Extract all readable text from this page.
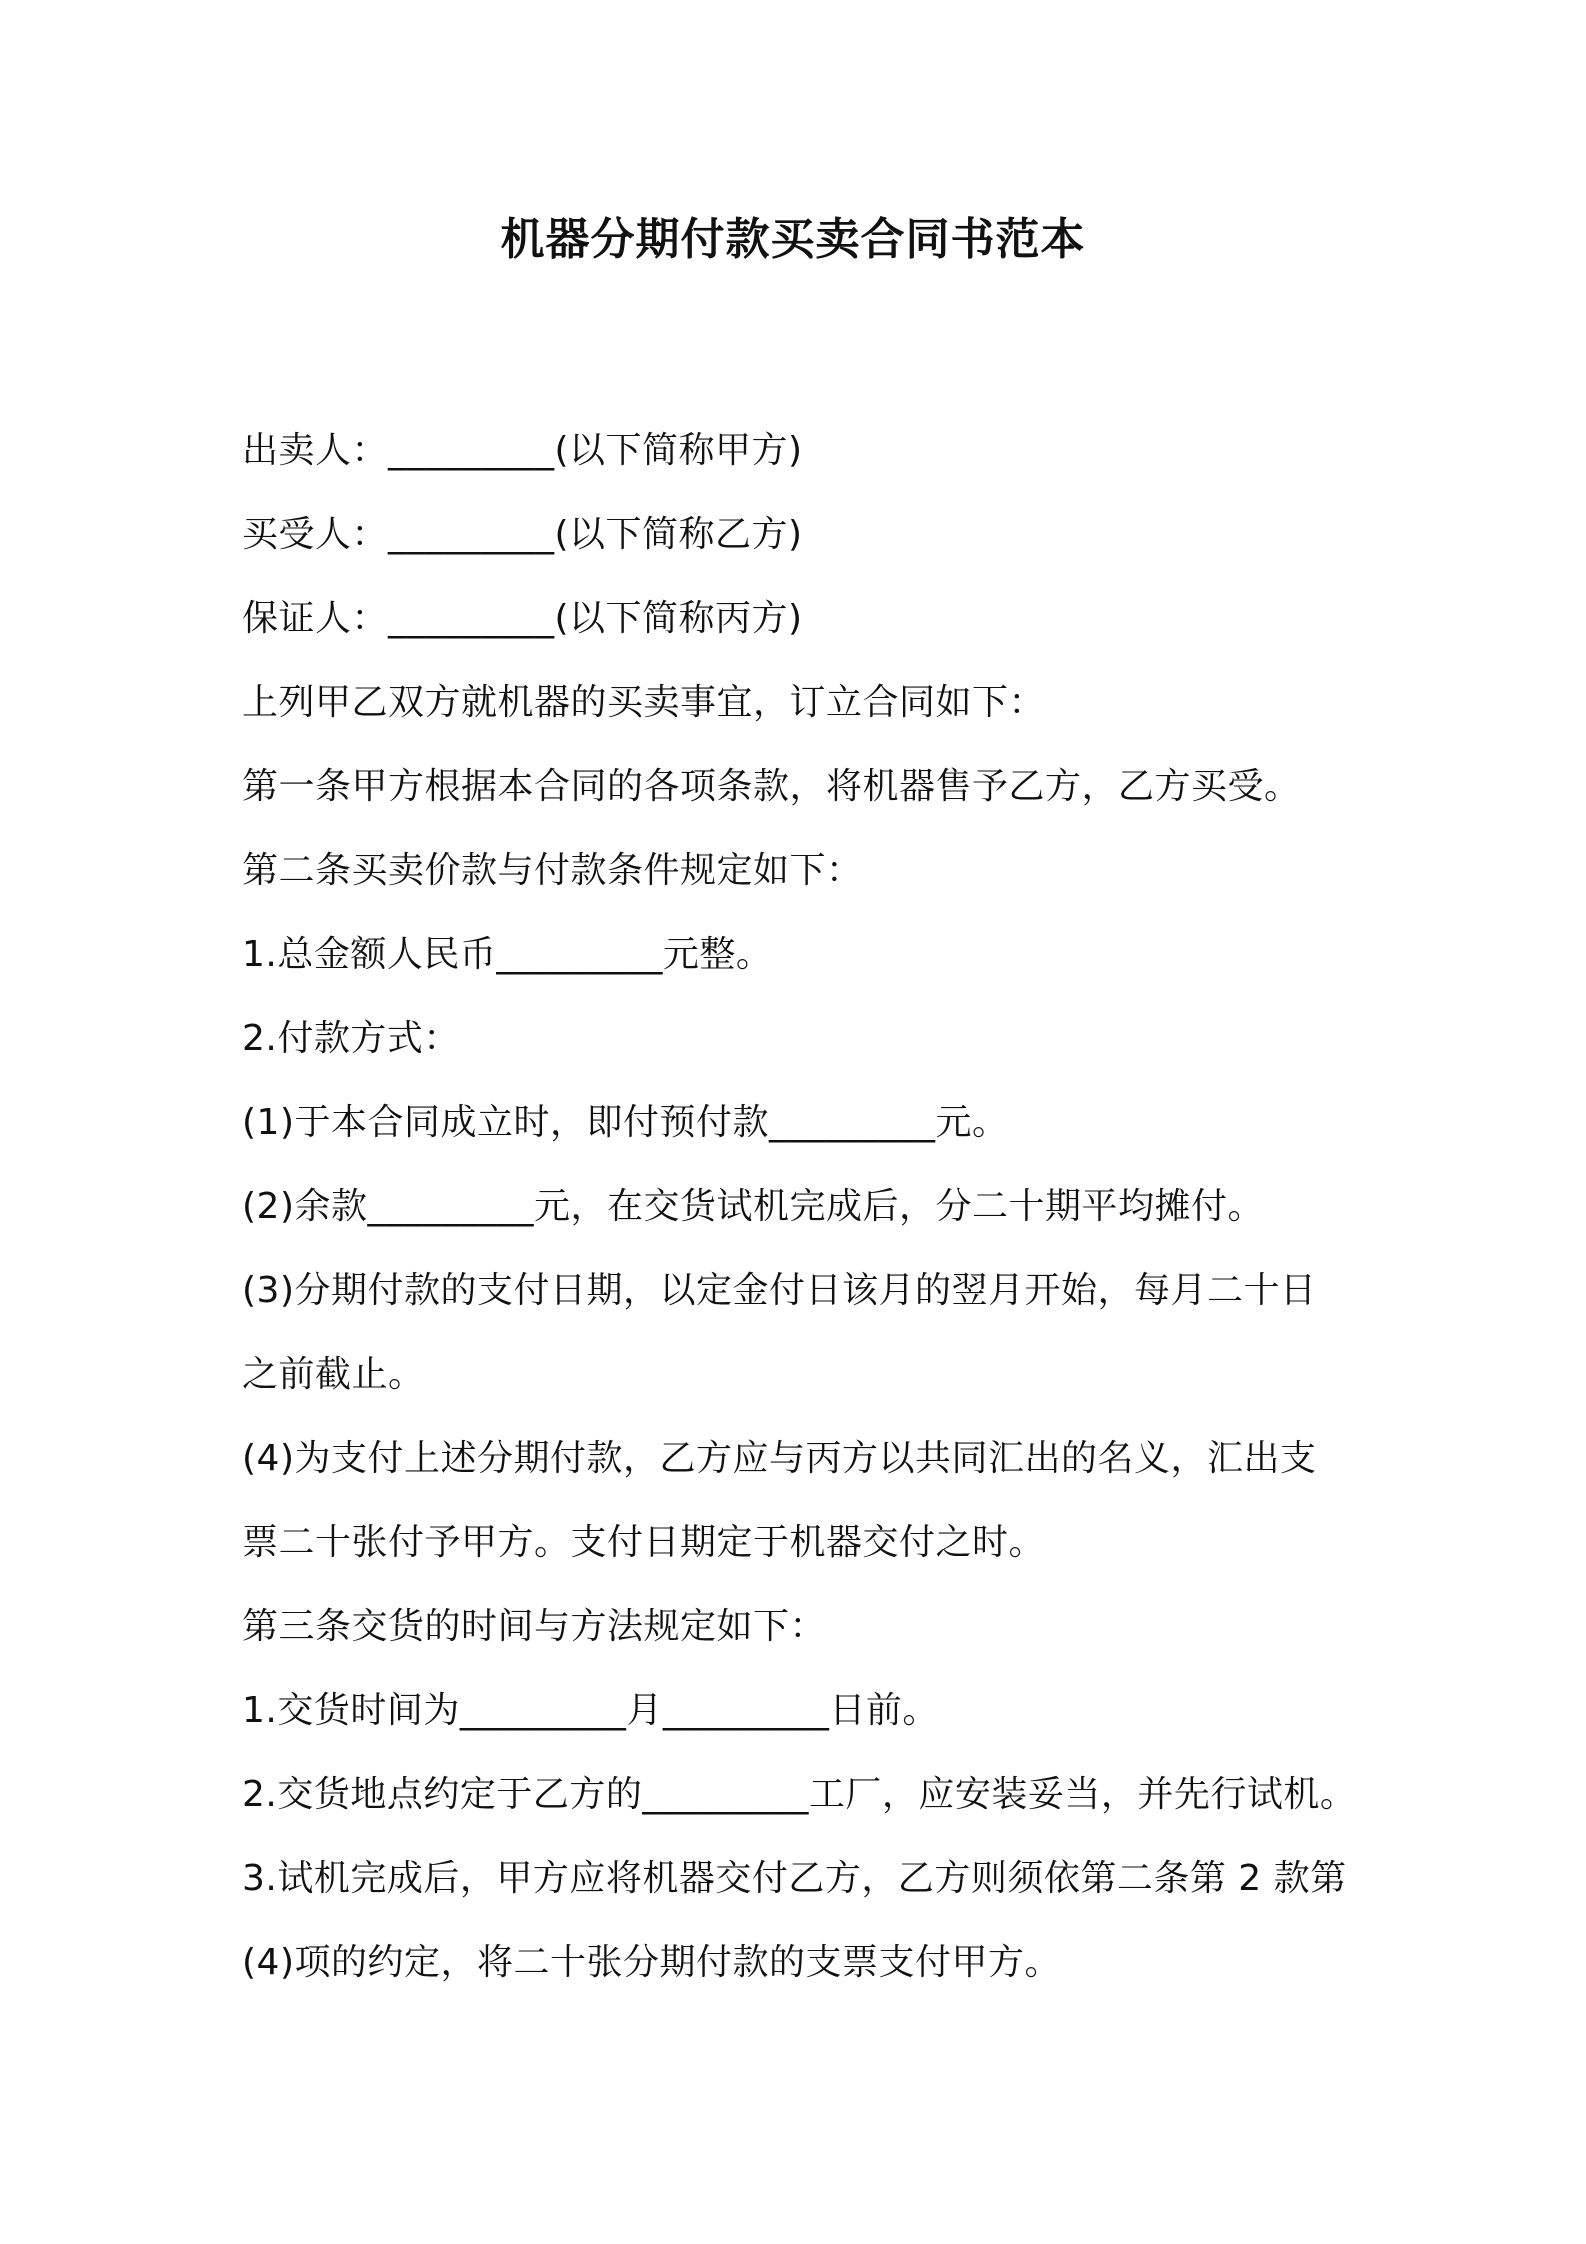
机器分期付款买卖合同书范本
出卖人：_________(以下简称甲方)
买受人：_________(以下简称乙方)
保证人：_________(以下简称丙方)
上列甲乙双方就机器的买卖事宜，订立合同如下：
第一条甲方根据本合同的各项条款，将机器售予乙方，乙方买受。
第二条买卖价款与付款条件规定如下：
1.总金额人民币_________元整。
2.付款方式：
(1)于本合同成立时，即付预付款_________元。
(2)余款_________元，在交货试机完成后，分二十期平均摊付。
(3)分期付款的支付日期，以定金付日该月的翌月开始，每月二十日
之前截止。
(4)为支付上述分期付款，乙方应与丙方以共同汇出的名义，汇出支
票二十张付予甲方。支付日期定于机器交付之时。
第三条交货的时间与方法规定如下：
1.交货时间为_________月_________日前。
2.交货地点约定于乙方的_________工厂，应安装妥当，并先行试机。
3.试机完成后，甲方应将机器交付乙方，乙方则须依第二条第 2 款第
(4)项的约定，将二十张分期付款的支票支付甲方。
